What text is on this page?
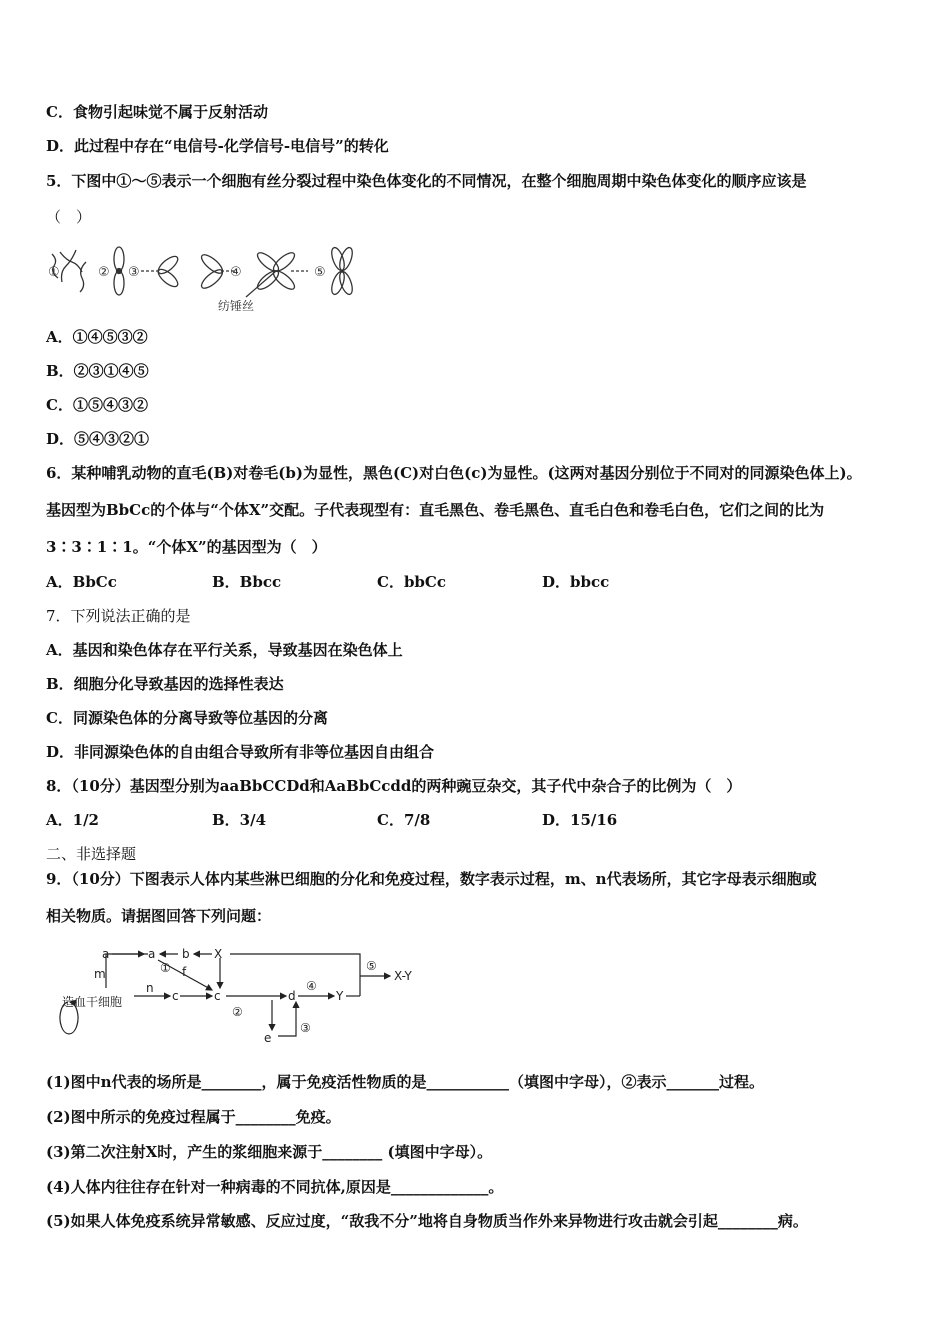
C．食物引起味觉不属于反射活动
D．此过程中存在“电信号-化学信号-电信号”的转化
5．下图中①～⑤表示一个细胞有丝分裂过程中染色体变化的不同情况，在整个细胞周期中染色体变化的顺序应该是
（　）
①	② ③	④	⑤
纺锤丝
A．①④⑤③②
B．②③①④⑤
C．①⑤④③②
D．⑤④③②①
6．某种哺乳动物的直毛(B)对卷毛(b)为显性，黑色(C)对白色(c)为显性。(这两对基因分别位于不同对的同源染色体上)。
基因型为BbCc的个体与“个体X”交配。子代表现型有：直毛黑色、卷毛黑色、直毛白色和卷毛白色，它们之间的比为
3∶3∶1∶1。“个体X”的基因型为（　）
A．BbCc	B．Bbcc	C．bbCc	D．bbcc
7．下列说法正确的是
A．基因和染色体存在平行关系，导致基因在染色体上
B．细胞分化导致基因的选择性表达
C．同源染色体的分离导致等位基因的分离
D．非同源染色体的自由组合导致所有非等位基因自由组合
8．（10分）基因型分别为aaBbCCDd和AaBbCcdd的两种豌豆杂交，其子代中杂合子的比例为（　）
A．1/2	B．3/4	C．7/8	D．15/16
二、非选择题
9．（10分）下图表示人体内某些淋巴细胞的分化和免疫过程，数字表示过程，m、n代表场所，其它字母表示细胞或
相关物质。请据图回答下列问题：
造血干细胞
a	a b X
m	f
n
c	c	d	Y
e
①
②
③
④
⑤
X-Y
(1)图中n代表的场所是________，属于免疫活性物质的是___________（填图中字母），②表示_______过程。
(2)图中所示的免疫过程属于________免疫。
(3)第二次注射X时，产生的浆细胞来源于________ (填图中字母）。
(4)人体内往往存在针对一种病毒的不同抗体,原因是_____________。
(5)如果人体免疫系统异常敏感、反应过度，“敌我不分”地将自身物质当作外来异物进行攻击就会引起________病。
